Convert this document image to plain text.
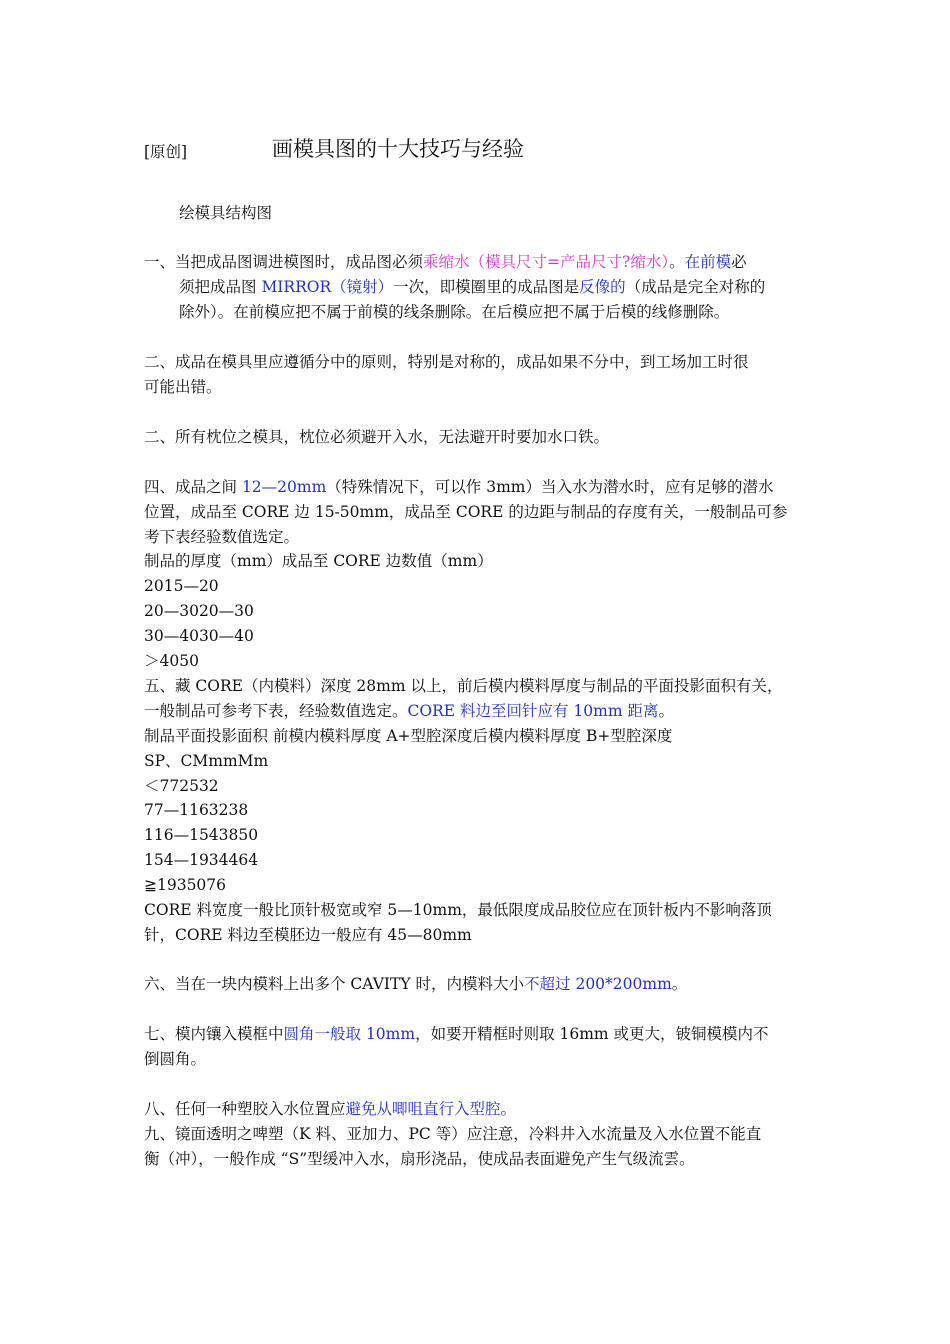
[原创]	画模具图的十大技巧与经验
绘模具结构图
一、当把成品图调进模图时，成品图必须乘缩水（模具尺寸=产品尺寸?缩水）。在前模必
须把成品图 MIRROR（镜射）一次，即模圈里的成品图是反像的（成品是完全对称的
除外）。在前模应把不属于前模的线条删除。在后模应把不属于后模的线修删除。
二、成品在模具里应遵循分中的原则，特别是对称的，成品如果不分中，到工场加工时很
可能出错。
二、所有枕位之模具，枕位必须避开入水，无法避开时要加水口铁。
四、成品之间 12—20mm（特殊情况下，可以作 3mm）当入水为潜水时，应有足够的潜水
位置，成品至 CORE 边 15-50mm，成品至 CORE 的边距与制品的存度有关，一般制品可参
考下表经验数值选定。
制品的厚度（mm）成品至 CORE 边数值（mm）
2015—20
20—3020—30
30—4030—40
＞4050
五、藏 CORE（内模料）深度 28mm 以上，前后模内模料厚度与制品的平面投影面积有关，
一般制品可参考下表，经验数值选定。CORE 料边至回针应有 10mm 距离。
制品平面投影面积 前模内模料厚度 A+型腔深度后模内模料厚度 B+型腔深度
SP、CMmmMm
＜772532
77—1163238
116—1543850
154—1934464
≧1935076
CORE 料宽度一般比顶针极宽或窄 5—10mm，最低限度成品胶位应在顶针板内不影响落顶
针，CORE 料边至模胚边一般应有 45—80mm
六、当在一块内模料上出多个 CAVITY 时，内模料大小不超过 200*200mm。
七、模内镶入模框中圆角一般取 10mm，如要开精框时则取 16mm 或更大，铍铜模模内不
倒圆角。
八、任何一种塑胶入水位置应避免从唧咀直行入型腔。
九、镜面透明之啤塑（K 料、亚加力、PC 等）应注意，冷料井入水流量及入水位置不能直
衡（冲），一般作成 “S”型缓冲入水，扇形浇品，使成品表面避免产生气级流雲。
